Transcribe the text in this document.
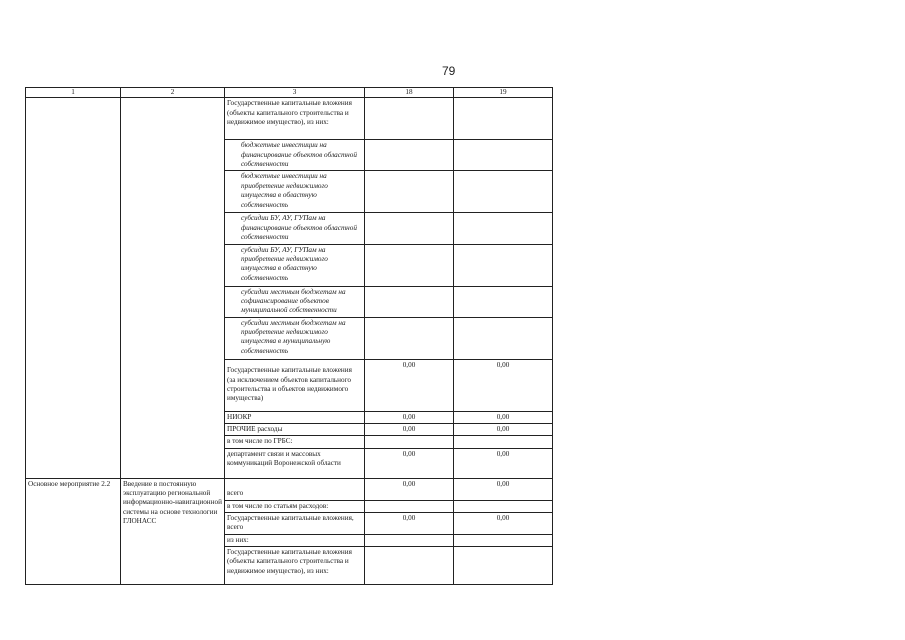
79
1	2	3	18	19
		Государственные капитальные вложения (объекты капитального строительства и недвижимое имущество), из них:		

		бюджетные инвестиции на финансирование объектов областной собственности		

		бюджетные инвестиции на приобретение недвижимого имущества в областную собственность		

		субсидии БУ, АУ, ГУПам на финансирование объектов областной собственности		

		субсидии БУ, АУ, ГУПам на приобретение недвижимого имущества в областную собственность		

		субсидии местным бюджетам на софинансирование объектов муниципальной собственности		

		субсидии местным бюджетам на приобретение недвижимого имущества в муниципальную собственность		

		Государственные капитальные вложения (за исключением объектов капитального строительства и объектов недвижимого имущества)	0,00	0,00
		НИОКР	0,00	0,00
		ПРОЧИЕ расходы	0,00	0,00
		в том числе по ГРБС:		
		департамент связи и массовых коммуникаций Воронежской области	0,00	0,00
Основное мероприятие 2.2	Введение в постоянную эксплуатацию региональной информационно-навигационной системы на основе технологии ГЛОНАСС	всего	0,00	0,00
		в том числе по статьям расходов:		
		Государственные капитальные вложения, всего	0,00	0,00
		из них:		
		Государственные капитальные вложения (объекты капитального строительства и недвижимое имущество), из них:		
